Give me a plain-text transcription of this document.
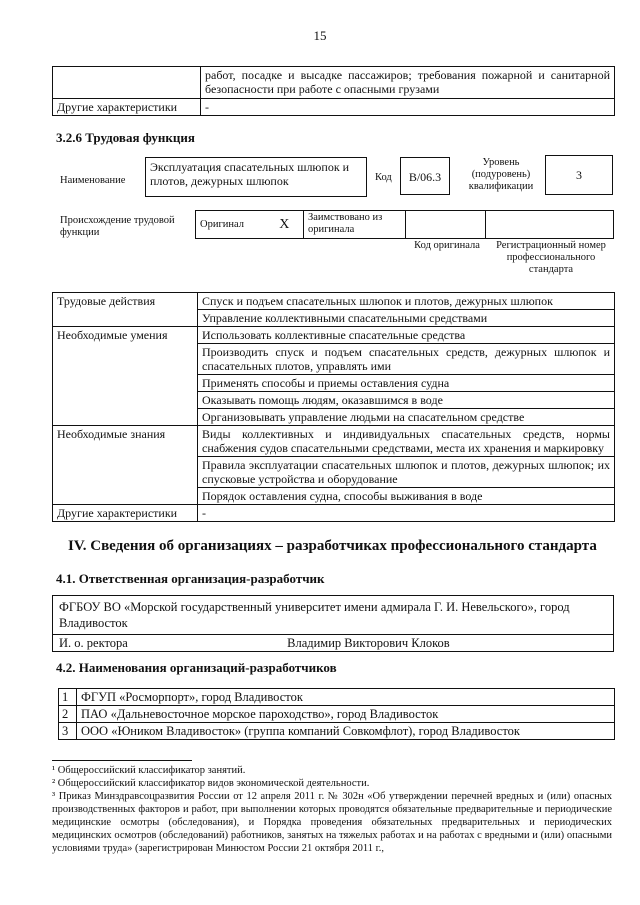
15
	работ, посадке и высадке пассажиров; требования пожарной и санитарной безопасности при работе с опасными грузами
Другие характеристики	-
3.2.6 Трудовая функция
Наименование
Эксплуатация спасательных шлюпок и плотов, дежурных шлюпок	Код	B/06.3
Уровень (подуровень) квалификации
3
Происхождение трудовой функции
Оригинал	X	Заимствовано из оригинала		
Код оригинала	Регистрационный номер профессионального стандарта
Трудовые действия	Спуск и подъем спасательных шлюпок и плотов, дежурных шлюпок
	Управление коллективными спасательными средствами
Необходимые умения	Использовать коллективные спасательные средства
	Производить спуск и подъем спасательных средств, дежурных шлюпок и спасательных плотов, управлять ими
	Применять способы и приемы оставления судна
	Оказывать помощь людям, оказавшимся в воде
	Организовывать управление людьми на спасательном средстве
Необходимые знания	Виды коллективных и индивидуальных спасательных средств, нормы снабжения судов спасательными средствами, места их хранения и маркировку
	Правила эксплуатации спасательных шлюпок и плотов, дежурных шлюпок; их спусковые устройства и оборудование
	Порядок оставления судна, способы выживания в воде
Другие характеристики	-
IV. Сведения об организациях – разработчиках профессионального стандарта
4.1. Ответственная организация-разработчик
ФГБОУ ВО «Морской государственный университет имени адмирала Г. И. Невельского», город Владивосток
И. о. ректора	Владимир Викторович Клоков
4.2. Наименования организаций-разработчиков
1	ФГУП «Росморпорт», город Владивосток
2	ПАО «Дальневосточное морское пароходство», город Владивосток
3	ООО «Юником Владивосток» (группа компаний Совкомфлот), город Владивосток
¹ Общероссийский классификатор занятий.
² Общероссийский классификатор видов экономической деятельности.
³ Приказ Минздравсоцразвития России от 12 апреля 2011 г. № 302н «Об утверждении перечней вредных и (или) опасных производственных факторов и работ, при выполнении которых проводятся обязательные предварительные и периодические медицинские осмотры (обследования), и Порядка проведения обязательных предварительных и периодических медицинских осмотров (обследований) работников, занятых на тяжелых работах и на работах с вредными и (или) опасными условиями труда» (зарегистрирован Минюстом России 21 октября 2011 г.,
